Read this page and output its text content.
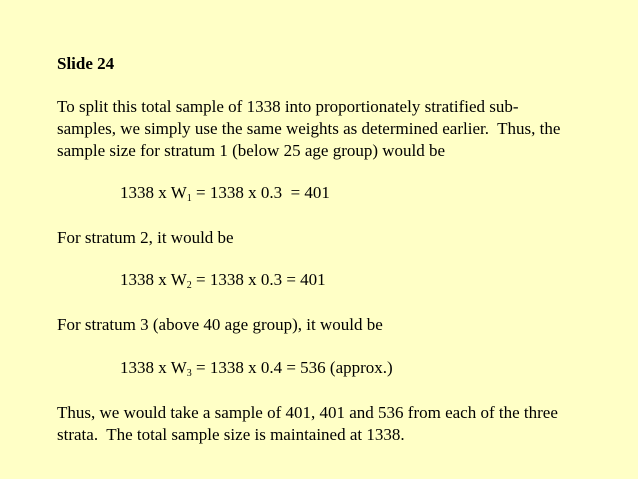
Slide 24
To split this total sample of 1338 into proportionately stratified sub-
samples, we simply use the same weights as determined earlier.  Thus, the
sample size for stratum 1 (below 25 age group) would be
1338 x $W_1 = 1338$ x 0.3  = 401
For stratum 2, it would be
1338 x $W_2 = 1338$ x 0.3 = 401
For stratum 3 (above 40 age group), it would be
1338 x $W_3 = 1338$ x 0.4 = 536 (approx.)
Thus, we would take a sample of 401, 401 and 536 from each of the three
strata.  The total sample size is maintained at 1338.
